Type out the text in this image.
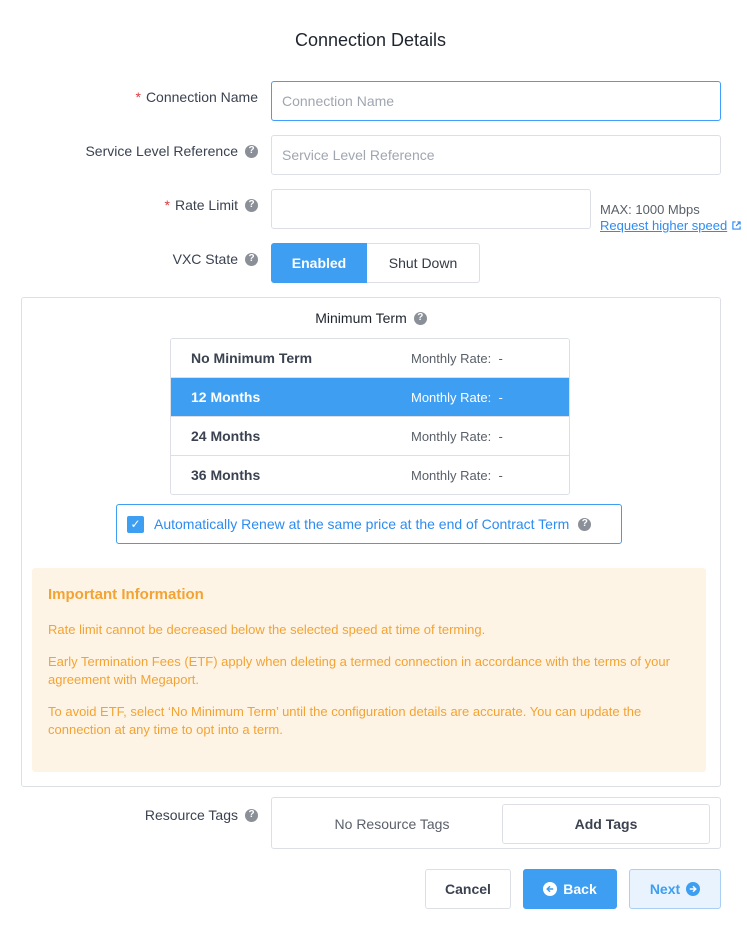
Connection Details
* Connection Name
Connection Name
Service Level Reference	?
Service Level Reference
* Rate Limit	?	MAX: 1000 Mbps
Request higher speed
VXC State	?	Enabled	Shut Down
Minimum Term	?
No Minimum Term	Monthly Rate: -
12 Months	Monthly Rate: -
24 Months	Monthly Rate: -
36 Months	Monthly Rate: -
✓ Automatically Renew at the same price at the end of Contract Term	?
Important Information

Rate limit cannot be decreased below the selected speed at time of terming.

Early Termination Fees (ETF) apply when deleting a termed connection in accordance with the terms of your agreement with Megaport.

To avoid ETF, select ‘No Minimum Term’ until the configuration details are accurate. You can update the connection at any time to opt into a term.

Resource Tags	?
No Resource Tags	Add Tags
Cancel	Back	Next
